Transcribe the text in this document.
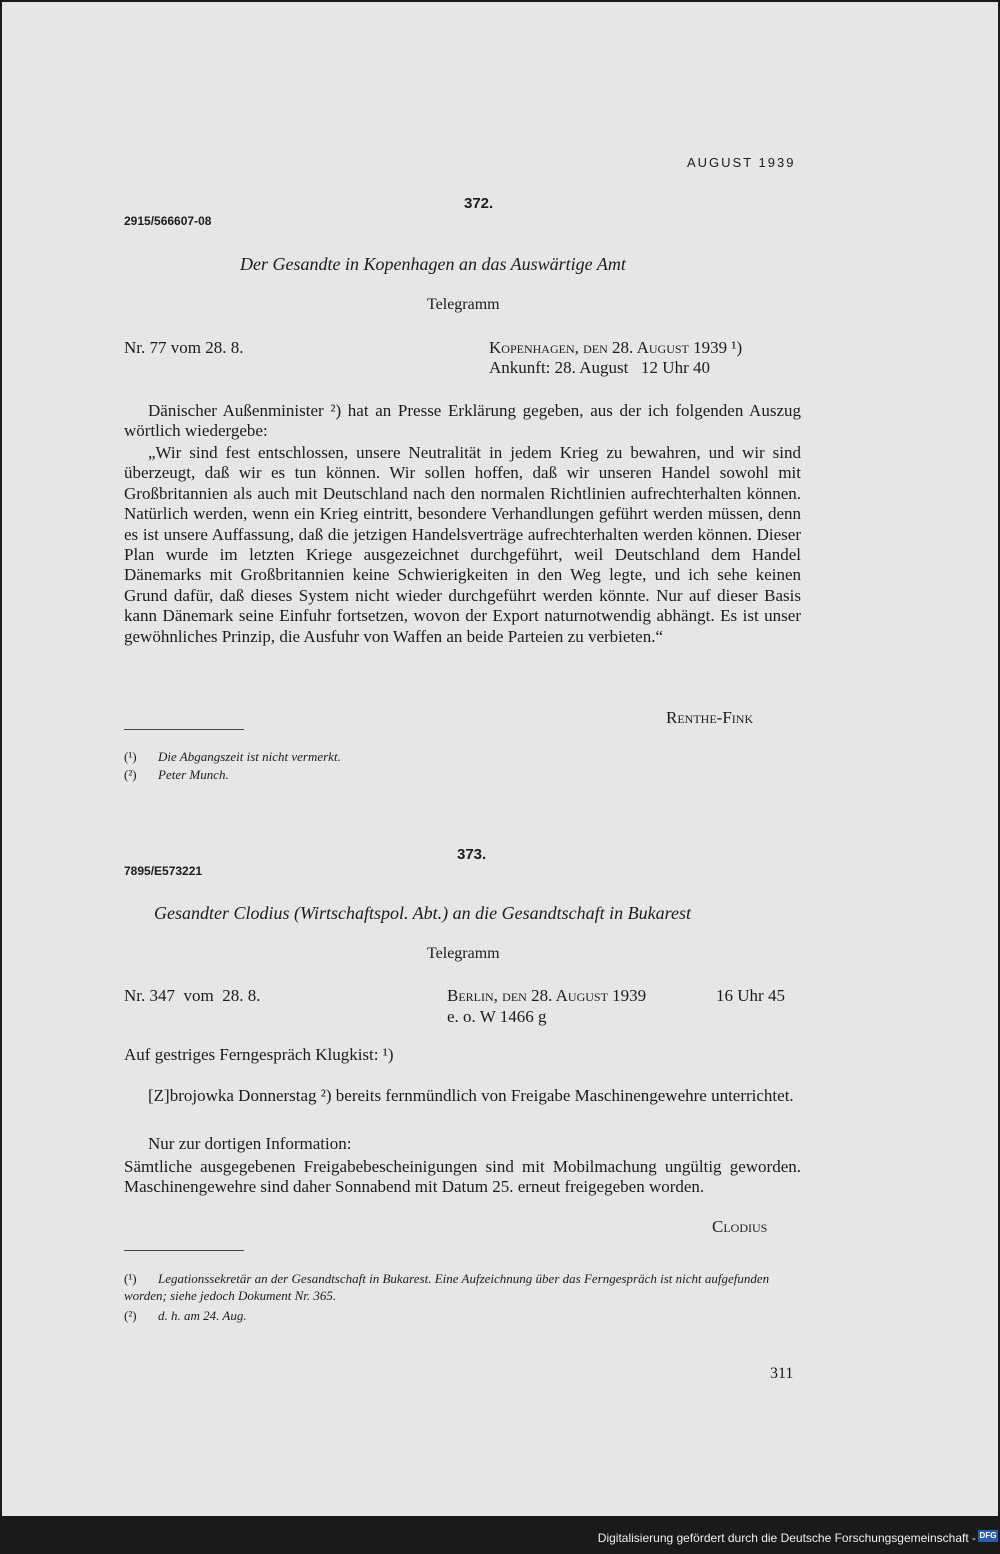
AUGUST 1939
372.
2915/566607-08
Der Gesandte in Kopenhagen an das Auswärtige Amt
Telegramm
Nr. 77 vom 28. 8.	Kopenhagen, den 28. August 1939 ¹)
Ankunft: 28. August   12 Uhr 40

Dänischer Außenminister ²) hat an Presse Erklärung gegeben, aus der ich folgenden Auszug wörtlich wiedergebe:

„Wir sind fest entschlossen, unsere Neutralität in jedem Krieg zu bewahren, und wir sind überzeugt, daß wir es tun können. Wir sollen hoffen, daß wir unseren Handel sowohl mit Großbritannien als auch mit Deutschland nach den normalen Richtlinien aufrechterhalten können. Natürlich werden, wenn ein Krieg eintritt, besondere Verhandlungen geführt werden müssen, denn es ist unsere Auffassung, daß die jetzigen Handelsverträge aufrechterhalten werden können. Dieser Plan wurde im letzten Kriege ausgezeichnet durchgeführt, weil Deutschland dem Handel Dänemarks mit Großbritannien keine Schwierigkeiten in den Weg legte, und ich sehe keinen Grund dafür, daß dieses System nicht wieder durchgeführt werden könnte. Nur auf dieser Basis kann Dänemark seine Einfuhr fortsetzen, wovon der Export naturnotwendig abhängt. Es ist unser gewöhnliches Prinzip, die Ausfuhr von Waffen an beide Parteien zu verbieten.“

Renthe-Fink
(¹) Die Abgangszeit ist nicht vermerkt.
(²) Peter Munch.
373.
7895/E573221
Gesandter Clodius (Wirtschaftspol. Abt.) an die Gesandtschaft in Bukarest
Telegramm
Nr. 347  vom  28. 8.	Berlin, den 28. August 1939	16 Uhr 45
e. o. W 1466 g

Auf gestriges Ferngespräch Klugkist: ¹)

[Z]brojowka Donnerstag ²) bereits fernmündlich von Freigabe Maschinengewehre unterrichtet.

Nur zur dortigen Information:

Sämtliche ausgegebenen Freigabebescheinigungen sind mit Mobilmachung ungültig geworden. Maschinengewehre sind daher Sonnabend mit Datum 25. erneut freigegeben worden.

Clodius
(¹) Legationssekretär an der Gesandtschaft in Bukarest. Eine Aufzeichnung über das Ferngespräch ist nicht aufgefunden worden; siehe jedoch Dokument Nr. 365.
(²) d. h. am 24. Aug.
311
Digitalisierung gefördert durch die Deutsche Forschungsgemeinschaft - DFG
